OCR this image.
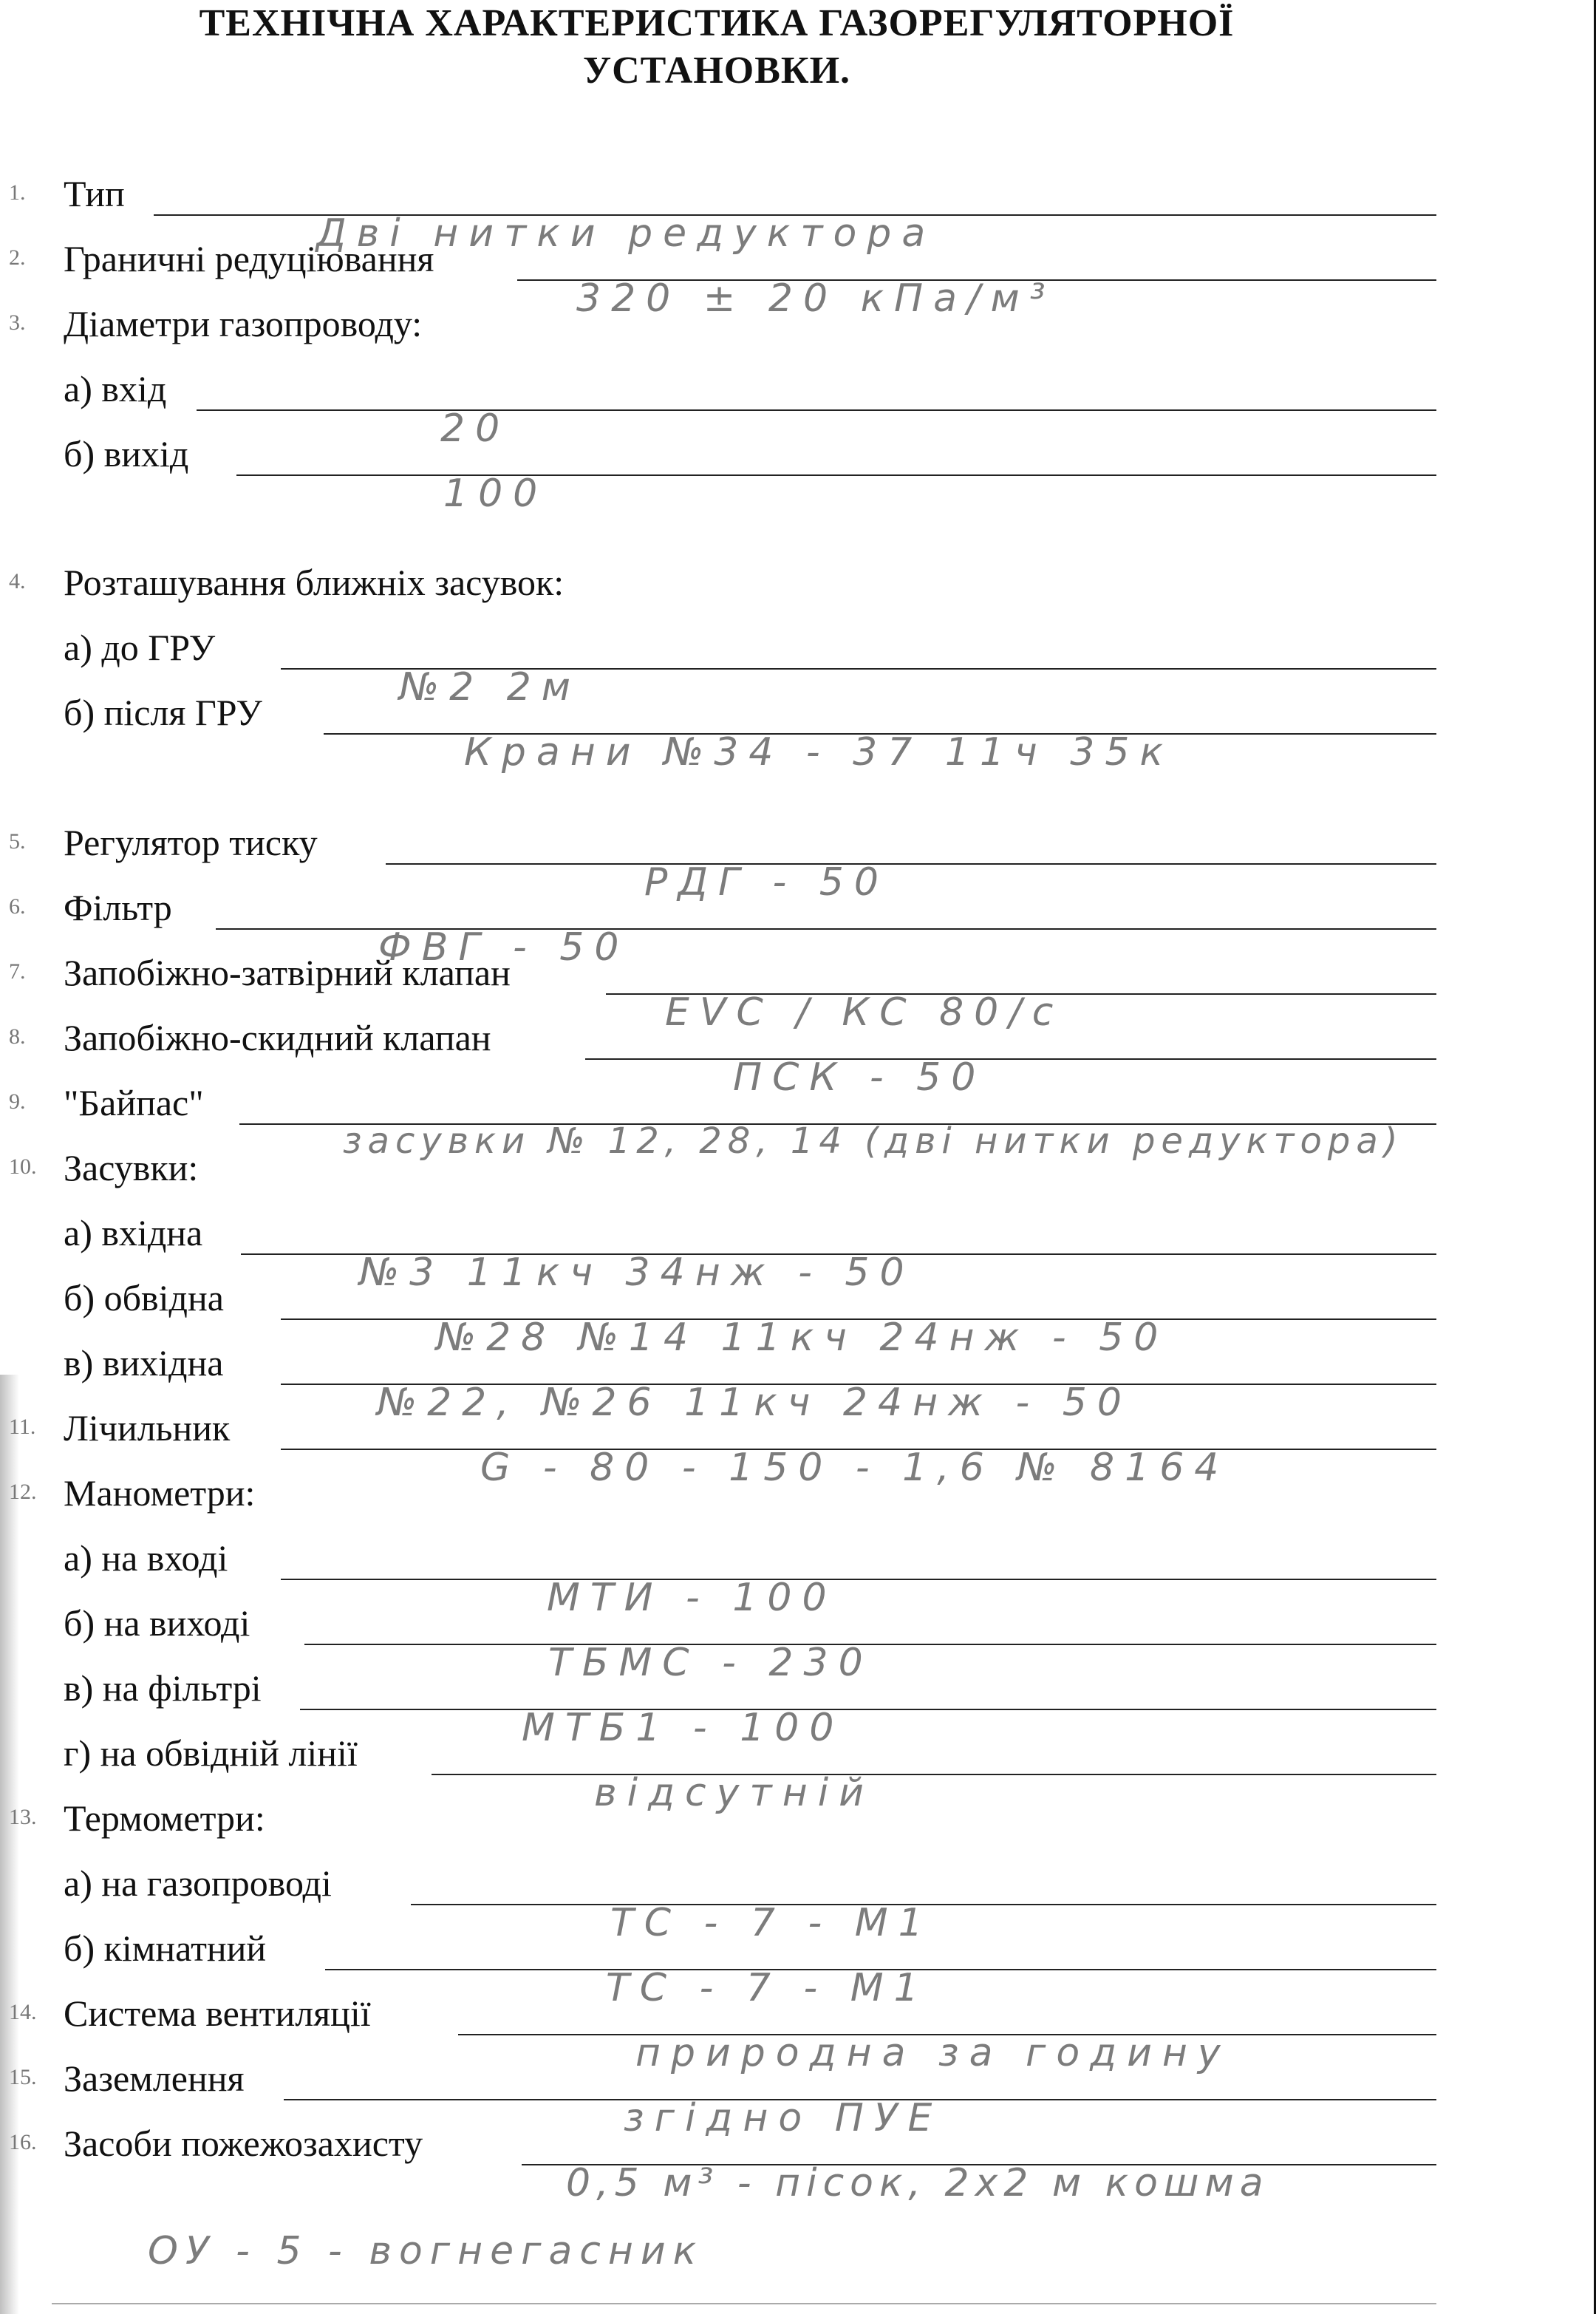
ТЕХНІЧНА ХАРАКТЕРИСТИКА ГАЗОРЕГУЛЯТОРНОЇ
УСТАНОВКИ.
1. Тип
Дві нитки редуктора
2. Граничні редуціювання
320 ± 20 кПа/м³
3. Діаметри газопроводу:
а) вхід
20
б) вихід
100
4. Розташування ближніх засувок:
а) до ГРУ
№2 2м
б) після ГРУ
Крани №34 - 37 11ч 35к
5. Регулятор тиску
РДГ - 50
6. Фільтр
ФВГ - 50
7. Запобіжно-затвірний клапан
EVC / КС 80/с
8. Запобіжно-скидний клапан
ПСК - 50
9. "Байпас"
засувки № 12, 28, 14 (дві нитки редуктора)
10. Засувки:
а) вхідна
№3 11кч 34нж - 50
б) обвідна
№28 №14 11кч 24нж - 50
в) вихідна
№22, №26 11кч 24нж - 50
11. Лічильник
G - 80 - 150 - 1,6 № 8164
12. Манометри:
а) на вході
МТИ - 100
б) на виході
ТБМС - 230
в) на фільтрі
МТБ1 - 100
г) на обвідній лінії
відсутній
13. Термометри:
а) на газопроводі
ТС - 7 - М1
б) кімнатний
ТС - 7 - М1
14. Система вентиляції
природна за годину
15. Заземлення
згідно ПУЕ
16. Засоби пожежозахисту
0,5 м³ - пісок, 2х2 м кошма
ОУ - 5 - вогнегасник
